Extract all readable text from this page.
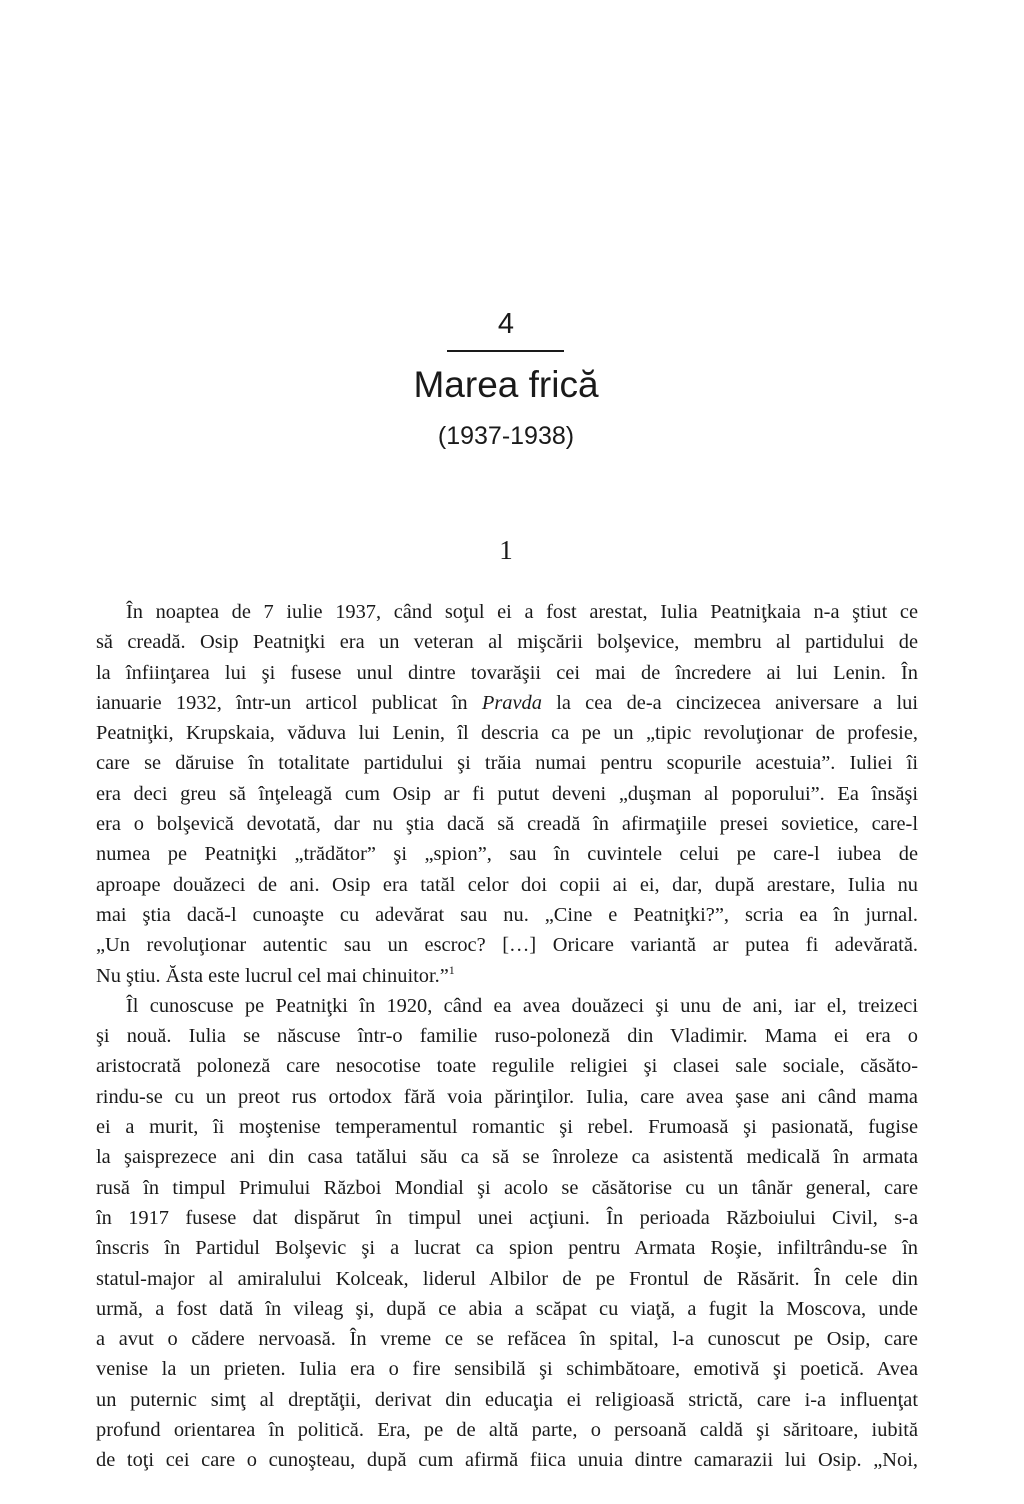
4
Marea frică
(1937-1938)
1
În noaptea de 7 iulie 1937, când soţul ei a fost arestat, Iulia Peatniţkaia n-a ştiut ce
să creadă. Osip Peatniţki era un veteran al mişcării bolşevice, membru al partidului de
la înfiinţarea lui şi fusese unul dintre tovarăşii cei mai de încredere ai lui Lenin. În
ianuarie 1932, într-un articol publicat în Pravda la cea de-a cincizecea aniversare a lui
Peatniţki, Krupskaia, văduva lui Lenin, îl descria ca pe un „tipic revoluţionar de profesie,
care se dăruise în totalitate partidului şi trăia numai pentru scopurile acestuia”. Iuliei îi
era deci greu să înţeleagă cum Osip ar fi putut deveni „duşman al poporului”. Ea însăşi
era o bolşevică devotată, dar nu ştia dacă să creadă în afirmaţiile presei sovietice, care-l
numea pe Peatniţki „trădător” şi „spion”, sau în cuvintele celui pe care-l iubea de
aproape douăzeci de ani. Osip era tatăl celor doi copii ai ei, dar, după arestare, Iulia nu
mai ştia dacă-l cunoaşte cu adevărat sau nu. „Cine e Peatniţki?”, scria ea în jurnal.
„Un revoluţionar autentic sau un escroc? […] Oricare variantă ar putea fi adevărată.
Nu ştiu. Ăsta este lucrul cel mai chinuitor.”$^1$
Îl cunoscuse pe Peatniţki în 1920, când ea avea douăzeci şi unu de ani, iar el, treizeci
şi nouă. Iulia se născuse într-o familie ruso-poloneză din Vladimir. Mama ei era o
aristocrată poloneză care nesocotise toate regulile religiei şi clasei sale sociale, căsăto-
rindu-se cu un preot rus ortodox fără voia părinţilor. Iulia, care avea şase ani când mama
ei a murit, îi moştenise temperamentul romantic şi rebel. Frumoasă şi pasionată, fugise
la şaisprezece ani din casa tatălui său ca să se înroleze ca asistentă medicală în armata
rusă în timpul Primului Război Mondial şi acolo se căsătorise cu un tânăr general, care
în 1917 fusese dat dispărut în timpul unei acţiuni. În perioada Războiului Civil, s-a
înscris în Partidul Bolşevic şi a lucrat ca spion pentru Armata Roşie, infiltrându-se în
statul-major al amiralului Kolceak, liderul Albilor de pe Frontul de Răsărit. În cele din
urmă, a fost dată în vileag şi, după ce abia a scăpat cu viaţă, a fugit la Moscova, unde
a avut o cădere nervoasă. În vreme ce se refăcea în spital, l-a cunoscut pe Osip, care
venise la un prieten. Iulia era o fire sensibilă şi schimbătoare, emotivă şi poetică. Avea
un puternic simţ al dreptăţii, derivat din educaţia ei religioasă strictă, care i-a influenţat
profund orientarea în politică. Era, pe de altă parte, o persoană caldă şi săritoare, iubită
de toţi cei care o cunoşteau, după cum afirmă fiica unuia dintre camarazii lui Osip. „Noi,
